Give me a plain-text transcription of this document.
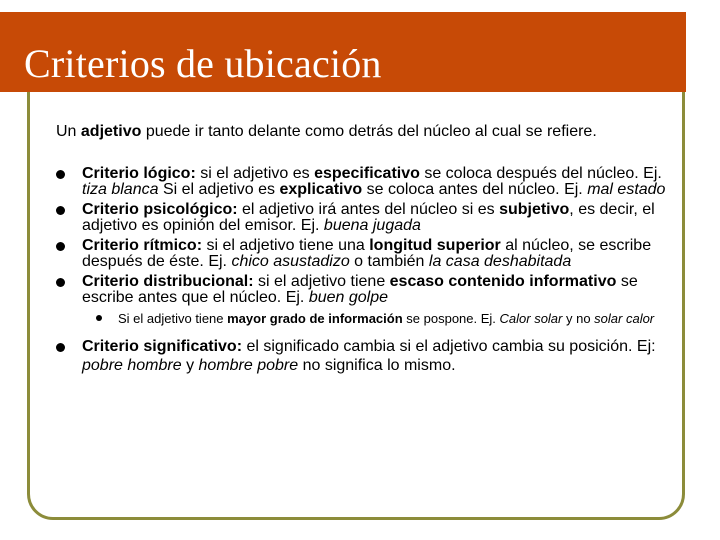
Criterios de ubicación

Un adjetivo puede ir tanto delante como detrás del núcleo al cual se refiere.

Criterio lógico: si el adjetivo es especificativo se coloca después del núcleo. Ej. tiza blanca Si el adjetivo es explicativo se coloca antes del núcleo. Ej. mal estado
Criterio psicológico: el adjetivo irá antes del núcleo si es subjetivo, es decir, el adjetivo es opinión del emisor. Ej. buena jugada
Criterio rítmico: si el adjetivo tiene una longitud superior al núcleo, se escribe después de éste. Ej. chico asustadizo o también la casa deshabitada
Criterio distribucional: si el adjetivo tiene escaso contenido informativo se escribe antes que el núcleo. Ej. buen golpe
Si el adjetivo tiene mayor grado de información se pospone. Ej. Calor solar y no solar calor
Criterio significativo: el significado cambia si el adjetivo cambia su posición. Ej: pobre hombre y hombre pobre no significa lo mismo.
